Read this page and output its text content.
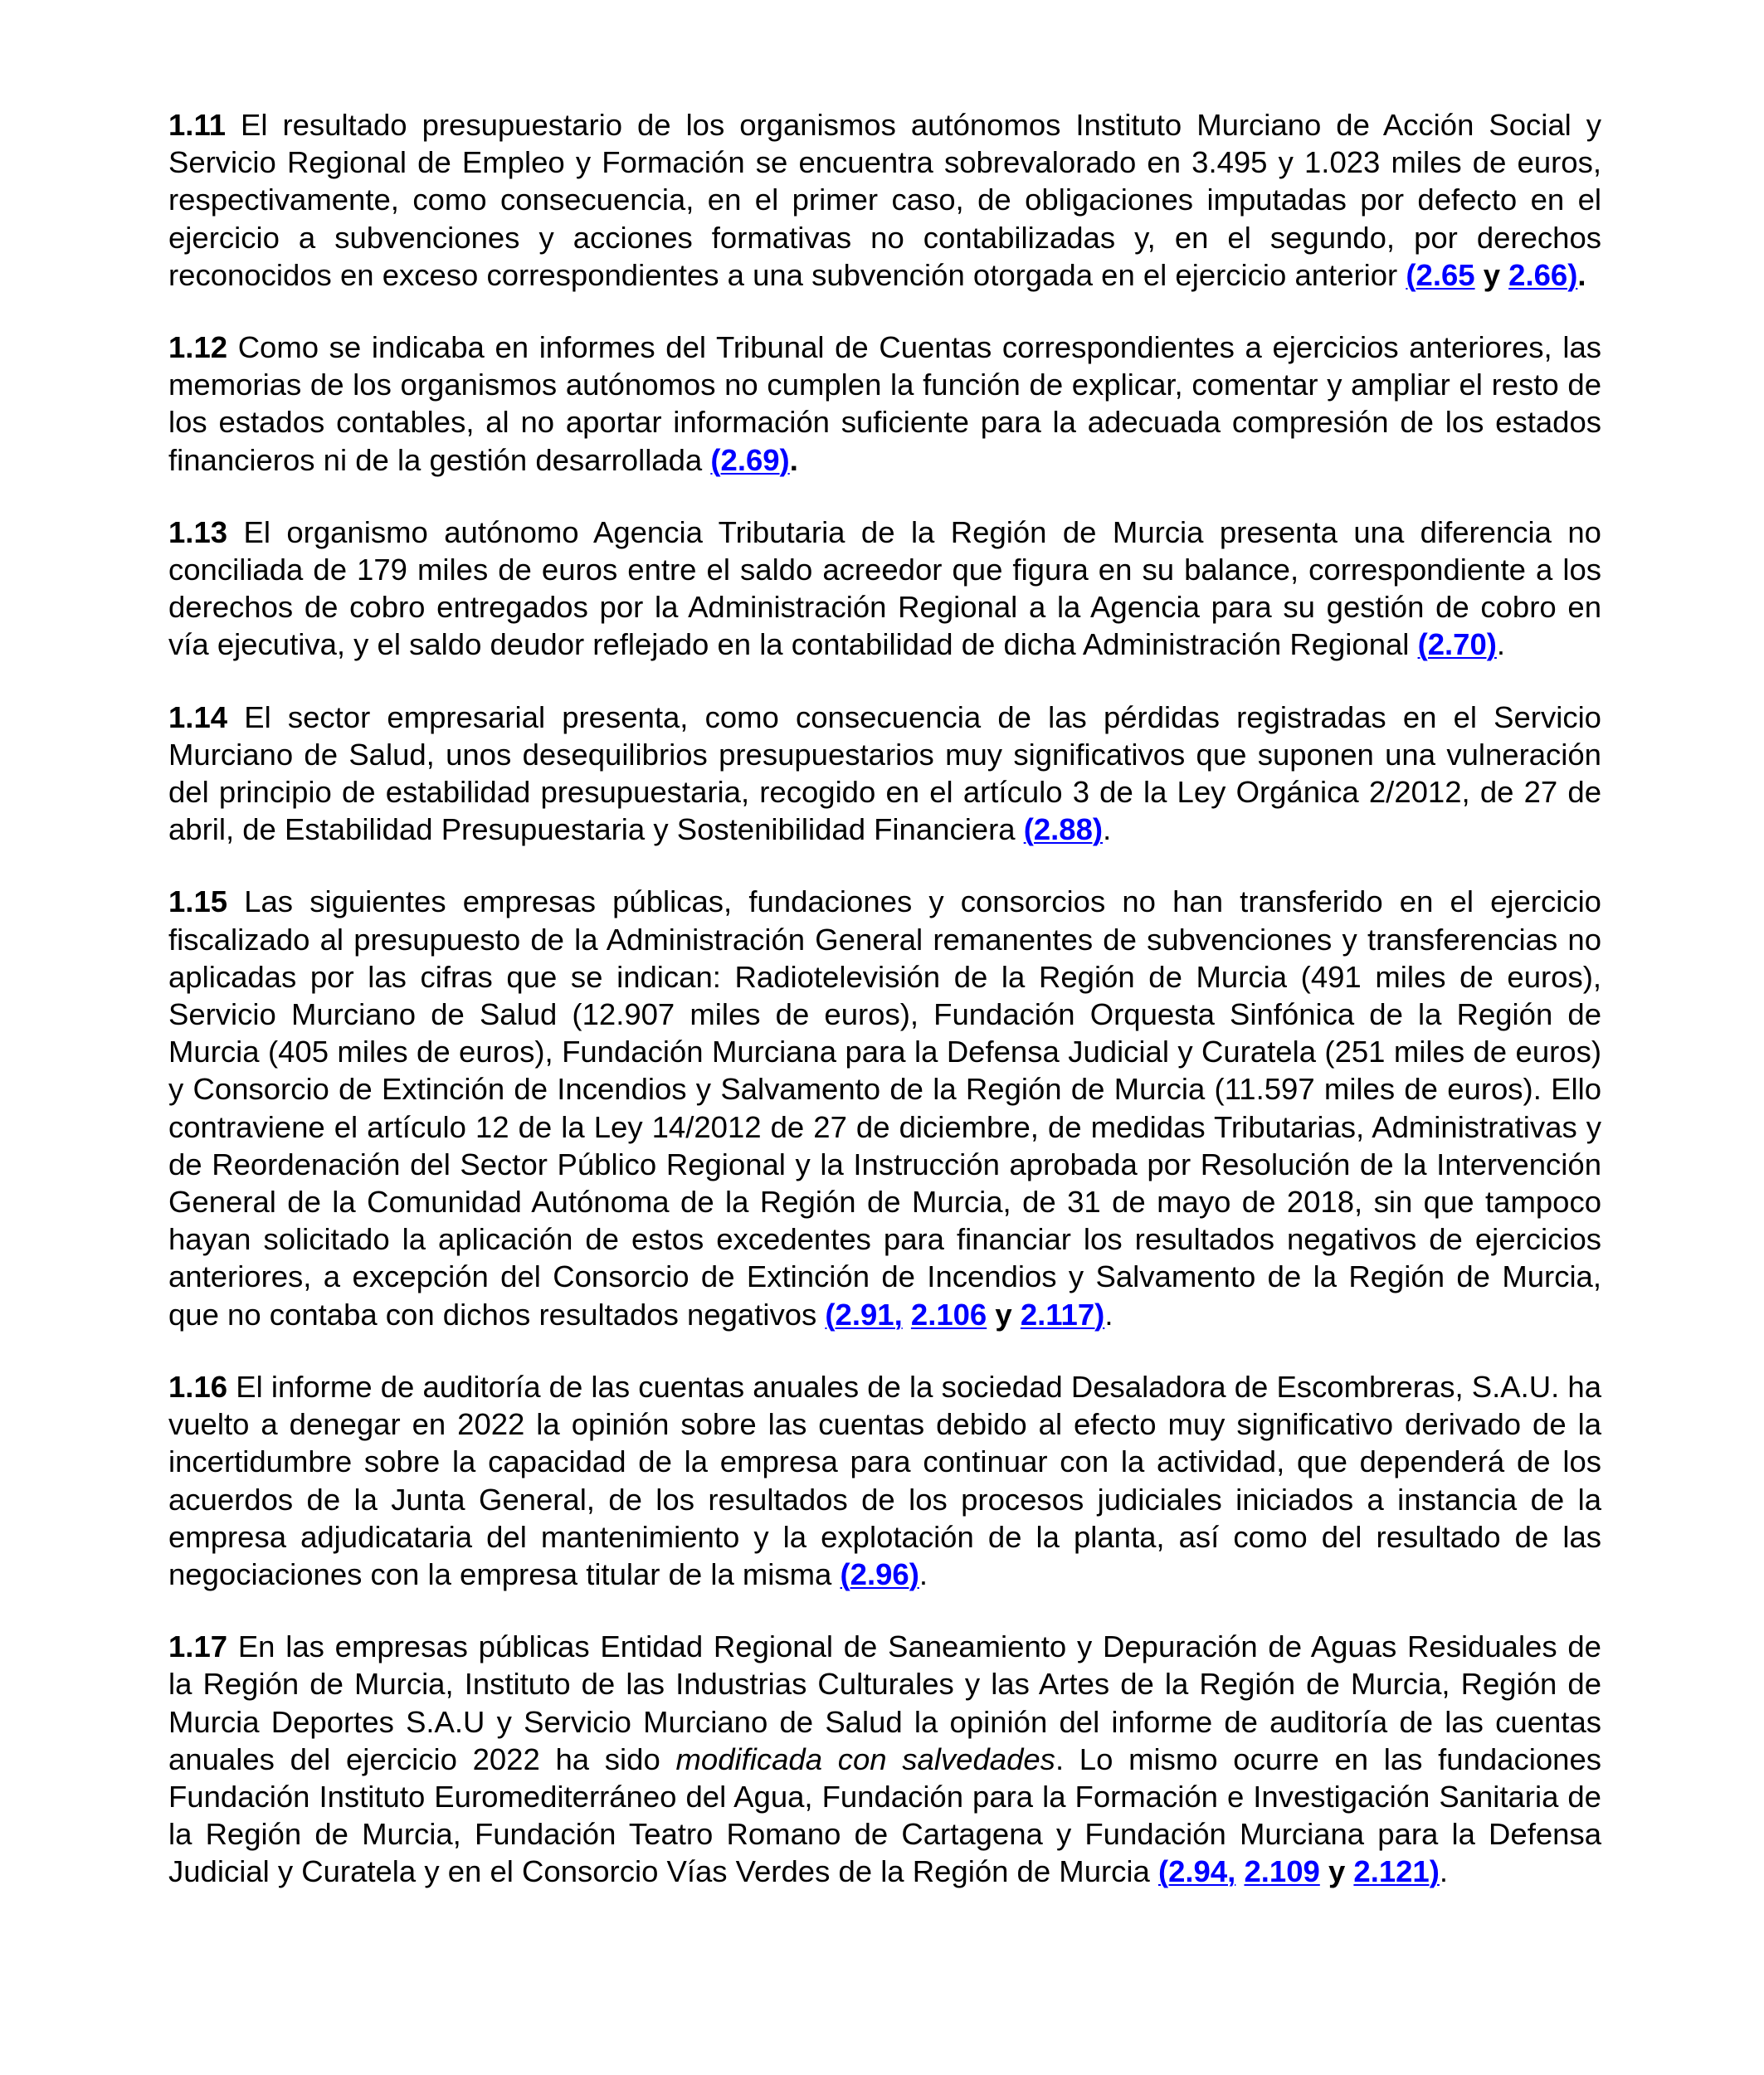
1.11 El resultado presupuestario de los organismos autónomos Instituto Murciano de Acción Social y Servicio Regional de Empleo y Formación se encuentra sobrevalorado en 3.495 y 1.023 miles de euros, respectivamente, como consecuencia, en el primer caso, de obligaciones imputadas por defecto en el ejercicio a subvenciones y acciones formativas no contabilizadas y, en el segundo, por derechos reconocidos en exceso correspondientes a una subvención otorgada en el ejercicio anterior (2.65 y 2.66).

1.12 Como se indicaba en informes del Tribunal de Cuentas correspondientes a ejercicios anteriores, las memorias de los organismos autónomos no cumplen la función de explicar, comentar y ampliar el resto de los estados contables, al no aportar información suficiente para la adecuada compresión de los estados financieros ni de la gestión desarrollada (2.69).

1.13 El organismo autónomo Agencia Tributaria de la Región de Murcia presenta una diferencia no conciliada de 179 miles de euros entre el saldo acreedor que figura en su balance, correspondiente a los derechos de cobro entregados por la Administración Regional a la Agencia para su gestión de cobro en vía ejecutiva, y el saldo deudor reflejado en la contabilidad de dicha Administración Regional (2.70).

1.14 El sector empresarial presenta, como consecuencia de las pérdidas registradas en el Servicio Murciano de Salud, unos desequilibrios presupuestarios muy significativos que suponen una vulneración del principio de estabilidad presupuestaria, recogido en el artículo 3 de la Ley Orgánica 2/2012, de 27 de abril, de Estabilidad Presupuestaria y Sostenibilidad Financiera (2.88).

1.15 Las siguientes empresas públicas, fundaciones y consorcios no han transferido en el ejercicio fiscalizado al presupuesto de la Administración General remanentes de subvenciones y transferencias no aplicadas por las cifras que se indican: Radiotelevisión de la Región de Murcia (491 miles de euros), Servicio Murciano de Salud (12.907 miles de euros), Fundación Orquesta Sinfónica de la Región de Murcia (405 miles de euros), Fundación Murciana para la Defensa Judicial y Curatela (251 miles de euros) y Consorcio de Extinción de Incendios y Salvamento de la Región de Murcia (11.597 miles de euros). Ello contraviene el artículo 12 de la Ley 14/2012 de 27 de diciembre, de medidas Tributarias, Administrativas y de Reordenación del Sector Público Regional y la Instrucción aprobada por Resolución de la Intervención General de la Comunidad Autónoma de la Región de Murcia, de 31 de mayo de 2018, sin que tampoco hayan solicitado la aplicación de estos excedentes para financiar los resultados negativos de ejercicios anteriores, a excepción del Consorcio de Extinción de Incendios y Salvamento de la Región de Murcia, que no contaba con dichos resultados negativos (2.91, 2.106 y 2.117).

1.16 El informe de auditoría de las cuentas anuales de la sociedad Desaladora de Escombreras, S.A.U. ha vuelto a denegar en 2022 la opinión sobre las cuentas debido al efecto muy significativo derivado de la incertidumbre sobre la capacidad de la empresa para continuar con la actividad, que dependerá de los acuerdos de la Junta General, de los resultados de los procesos judiciales iniciados a instancia de la empresa adjudicataria del mantenimiento y la explotación de la planta, así como del resultado de las negociaciones con la empresa titular de la misma (2.96).

1.17 En las empresas públicas Entidad Regional de Saneamiento y Depuración de Aguas Residuales de la Región de Murcia, Instituto de las Industrias Culturales y las Artes de la Región de Murcia, Región de Murcia Deportes S.A.U y Servicio Murciano de Salud la opinión del informe de auditoría de las cuentas anuales del ejercicio 2022 ha sido modificada con salvedades. Lo mismo ocurre en las fundaciones Fundación Instituto Euromediterráneo del Agua, Fundación para la Formación e Investigación Sanitaria de la Región de Murcia, Fundación Teatro Romano de Cartagena y Fundación Murciana para la Defensa Judicial y Curatela y en el Consorcio Vías Verdes de la Región de Murcia (2.94, 2.109 y 2.121).
